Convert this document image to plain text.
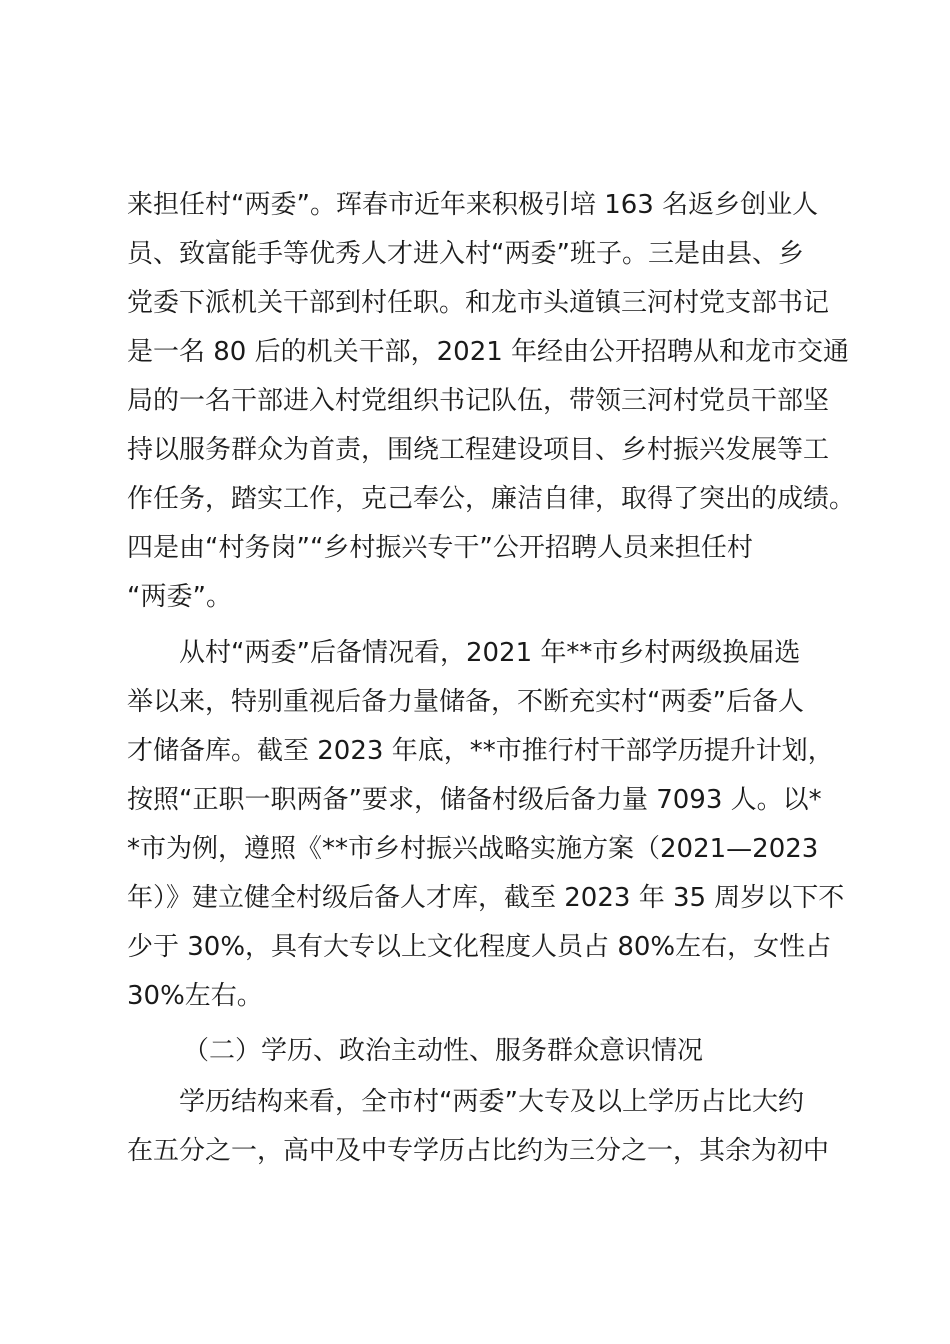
来担任村“两委”。珲春市近年来积极引培 163 名返乡创业人
员、致富能手等优秀人才进入村“两委”班子。三是由县、乡
党委下派机关干部到村任职。和龙市头道镇三河村党支部书记
是一名 80 后的机关干部，2021 年经由公开招聘从和龙市交通
局的一名干部进入村党组织书记队伍，带领三河村党员干部坚
持以服务群众为首责，围绕工程建设项目、乡村振兴发展等工
作任务，踏实工作，克己奉公，廉洁自律，取得了突出的成绩。
四是由“村务岗”“乡村振兴专干”公开招聘人员来担任村
“两委”。
从村“两委”后备情况看，2021 年**市乡村两级换届选
举以来，特别重视后备力量储备，不断充实村“两委”后备人
才储备库。截至 2023 年底，**市推行村干部学历提升计划，
按照“正职一职两备”要求，储备村级后备力量 7093 人。以*
*市为例，遵照《**市乡村振兴战略实施方案（2021—2023
年）》建立健全村级后备人才库，截至 2023 年 35 周岁以下不
少于 30%，具有大专以上文化程度人员占 80%左右，女性占
30%左右。
（二）学历、政治主动性、服务群众意识情况
学历结构来看，全市村“两委”大专及以上学历占比大约
在五分之一，高中及中专学历占比约为三分之一，其余为初中
